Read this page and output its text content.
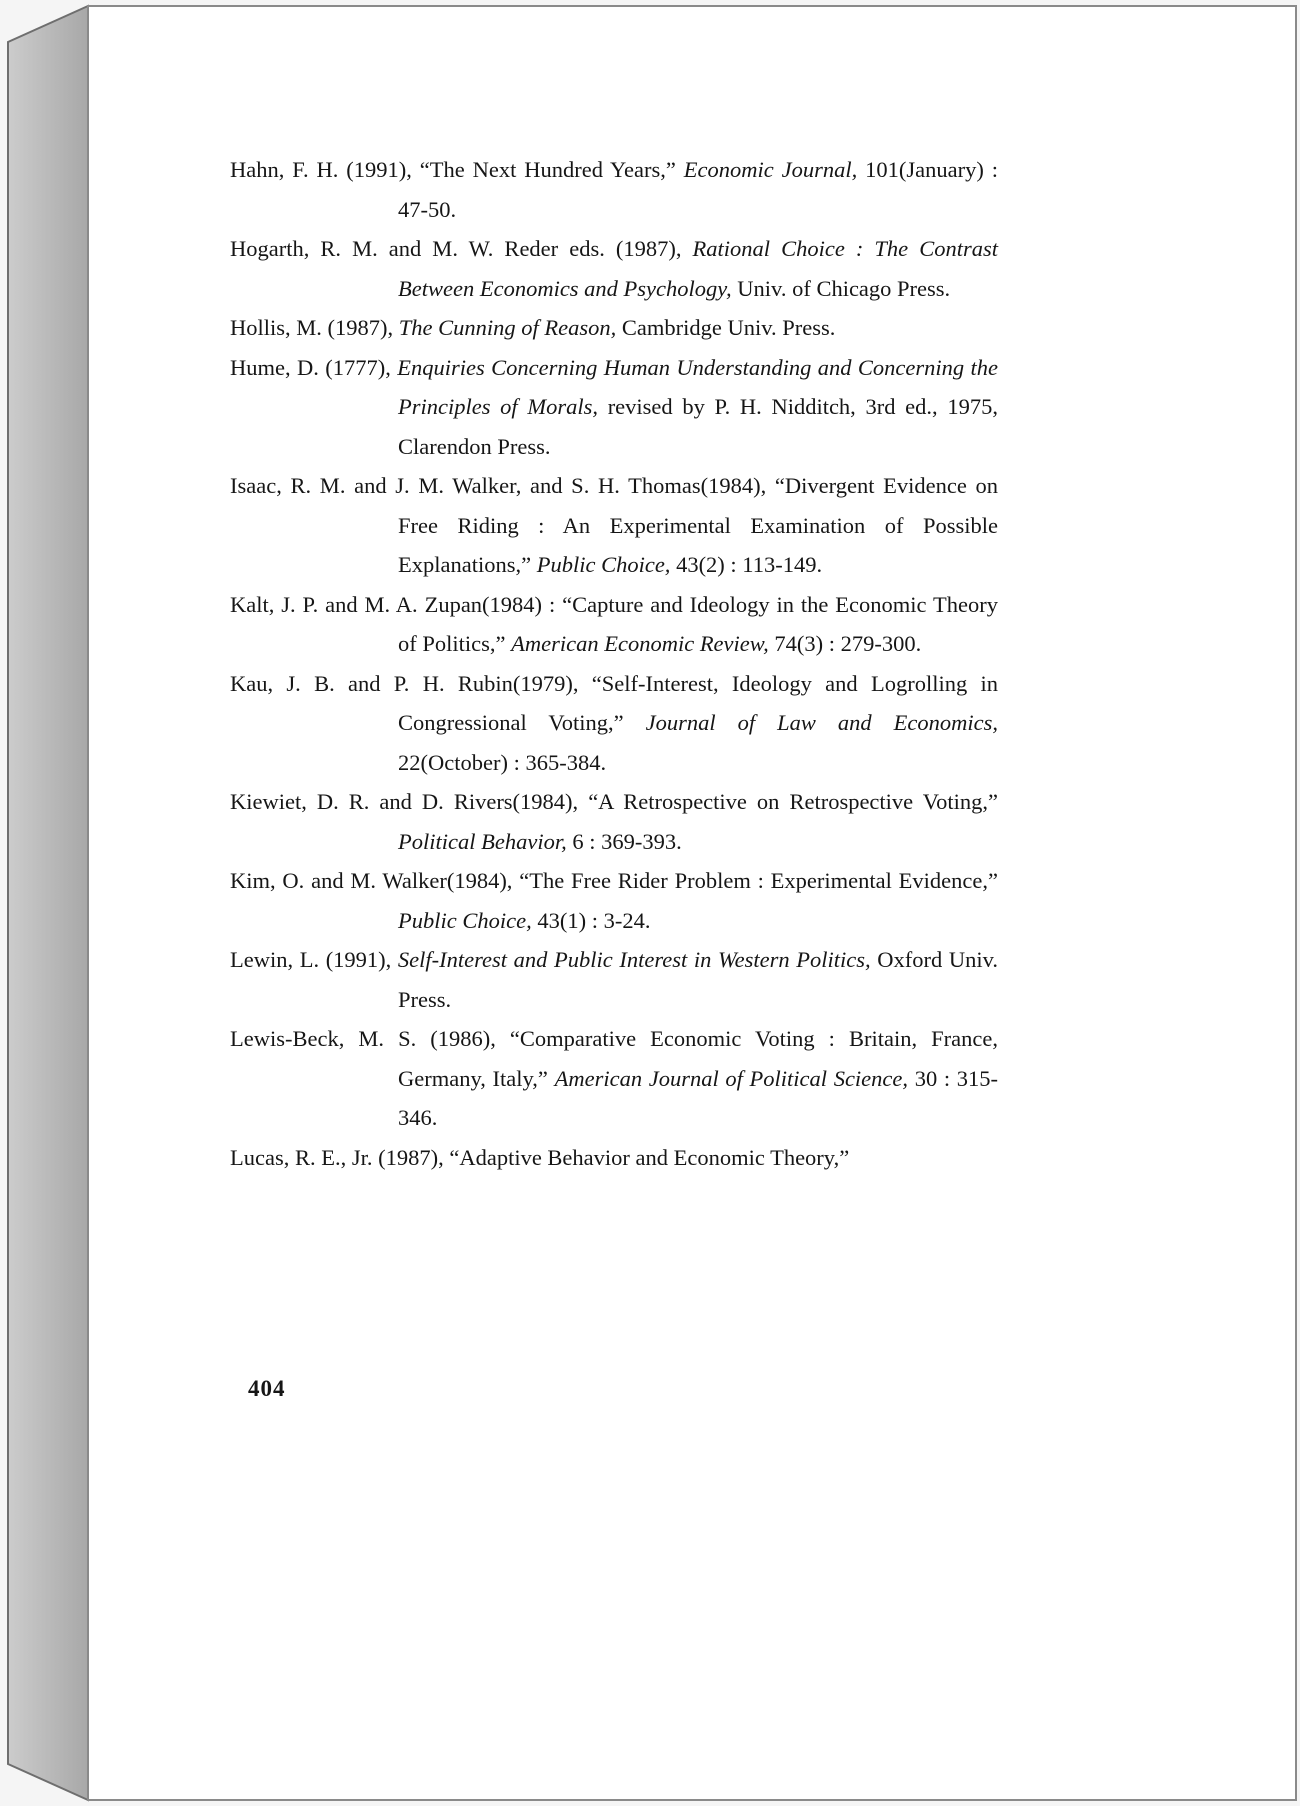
Hahn, F. H. (1991), “The Next Hundred Years,” Economic Journal, 101(January) : 47-50.

Hogarth, R. M. and M. W. Reder eds. (1987), Rational Choice : The Contrast Between Economics and Psychology, Univ. of Chicago Press.

Hollis, M. (1987), The Cunning of Reason, Cambridge Univ. Press.

Hume, D. (1777), Enquiries Concerning Human Understanding and Concerning the Principles of Morals, revised by P. H. Nidditch, 3rd ed., 1975, Clarendon Press.

Isaac, R. M. and J. M. Walker, and S. H. Thomas(1984), “Divergent Evidence on Free Riding : An Experimental Examination of Possible Explanations,” Public Choice, 43(2) : 113-149.

Kalt, J. P. and M. A. Zupan(1984) : “Capture and Ideology in the Economic Theory of Politics,” American Economic Review, 74(3) : 279-300.

Kau, J. B. and P. H. Rubin(1979), “Self-Interest, Ideology and Logrolling in Congressional Voting,” Journal of Law and Economics, 22(October) : 365-384.

Kiewiet, D. R. and D. Rivers(1984), “A Retrospective on Retrospective Voting,” Political Behavior, 6 : 369-393.

Kim, O. and M. Walker(1984), “The Free Rider Problem : Experimental Evidence,” Public Choice, 43(1) : 3-24.

Lewin, L. (1991), Self-Interest and Public Interest in Western Politics, Oxford Univ. Press.

Lewis-Beck, M. S. (1986), “Comparative Economic Voting : Britain, France, Germany, Italy,” American Journal of Political Science, 30 : 315-346.

Lucas, R. E., Jr. (1987), “Adaptive Behavior and Economic Theory,”

404
